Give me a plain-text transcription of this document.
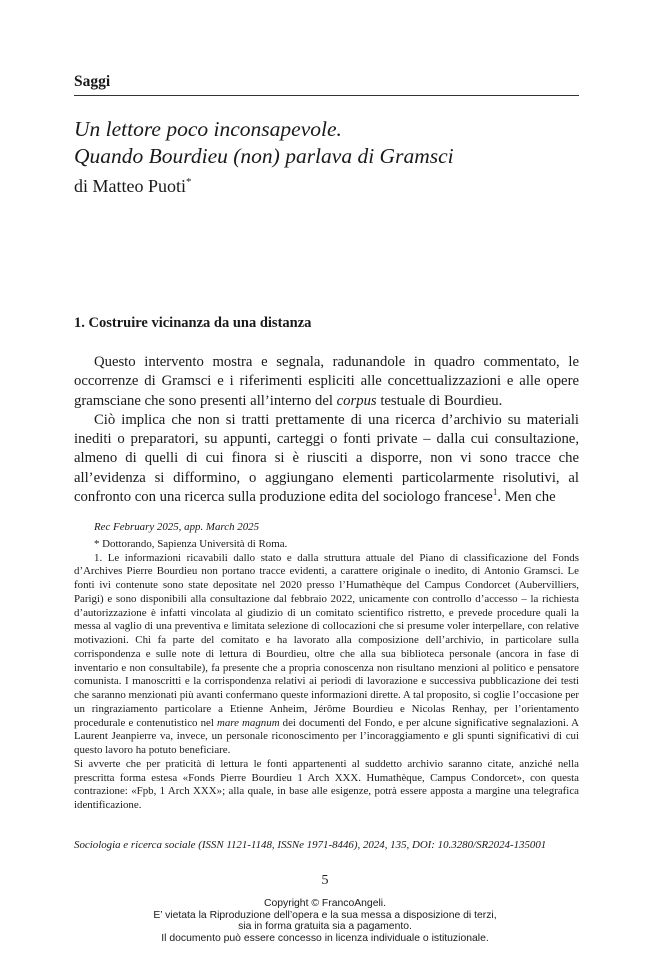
Saggi
Un lettore poco inconsapevole.
Quando Bourdieu (non) parlava di Gramsci
di Matteo Puoti*
1. Costruire vicinanza da una distanza

Questo intervento mostra e segnala, radunandole in quadro commentato, le occorrenze di Gramsci e i riferimenti espliciti alle concettualizzazioni e alle opere gramsciane che sono presenti all’interno del corpus testuale di Bourdieu.

Ciò implica che non si tratti prettamente di una ricerca d’archivio su materiali inediti o preparatori, su appunti, carteggi o fonti private – dalla cui consultazione, almeno di quelli di cui finora si è riusciti a disporre, non vi sono tracce che all’evidenza si difformino, o aggiungano elementi particolarmente risolutivi, al confronto con una ricerca sulla produzione edita del sociologo francese$^1$. Men che

Rec February 2025, app. March 2025

* Dottorando, Sapienza Università di Roma.

1. Le informazioni ricavabili dallo stato e dalla struttura attuale del Piano di classificazione del Fonds d’Archives Pierre Bourdieu non portano tracce evidenti, a carattere originale o inedito, di Antonio Gramsci. Le fonti ivi contenute sono state depositate nel 2020 presso l’Humathèque del Campus Condorcet (Aubervilliers, Parigi) e sono disponibili alla consultazione dal febbraio 2022, unicamente con controllo d’accesso – la richiesta d’autorizzazione è infatti vincolata al giudizio di un comitato scientifico ristretto, e prevede procedure quali la messa al vaglio di una preventiva e limitata selezione di collocazioni che si presume voler interpellare, con relative motivazioni. Chi fa parte del comitato e ha lavorato alla composizione dell’archivio, in particolare sulla corrispondenza e sulle note di lettura di Bourdieu, oltre che alla sua biblioteca personale (ancora in fase di inventario e non consultabile), fa presente che a propria conoscenza non risultano menzioni al politico e pensatore comunista. I manoscritti e la corrispondenza relativi ai periodi di lavorazione e successiva pubblicazione dei testi che saranno menzionati più avanti confermano queste informazioni dirette. A tal proposito, si coglie l’occasione per un ringraziamento particolare a Etienne Anheim, Jérôme Bourdieu e Nicolas Renhay, per l’orientamento procedurale e contenutistico nel mare magnum dei documenti del Fondo, e per alcune significative segnalazioni. A Laurent Jeanpierre va, invece, un personale riconoscimento per l’incoraggiamento e gli spunti significativi di cui questo lavoro ha potuto beneficiare.

Si avverte che per praticità di lettura le fonti appartenenti al suddetto archivio saranno citate, anziché nella prescritta forma estesa «Fonds Pierre Bourdieu 1 Arch XXX. Humathèque, Campus Condorcet», con questa contrazione: «Fpb, 1 Arch XXX»; alla quale, in base alle esigenze, potrà essere apposta a margine una telegrafica identificazione.

Sociologia e ricerca sociale (ISSN 1121-1148, ISSNe 1971-8446), 2024, 135, DOI: 10.3280/SR2024-135001
5
Copyright © FrancoAngeli.
E’ vietata la Riproduzione dell’opera e la sua messa a disposizione di terzi,
sia in forma gratuita sia a pagamento.
Il documento può essere concesso in licenza individuale o istituzionale.
